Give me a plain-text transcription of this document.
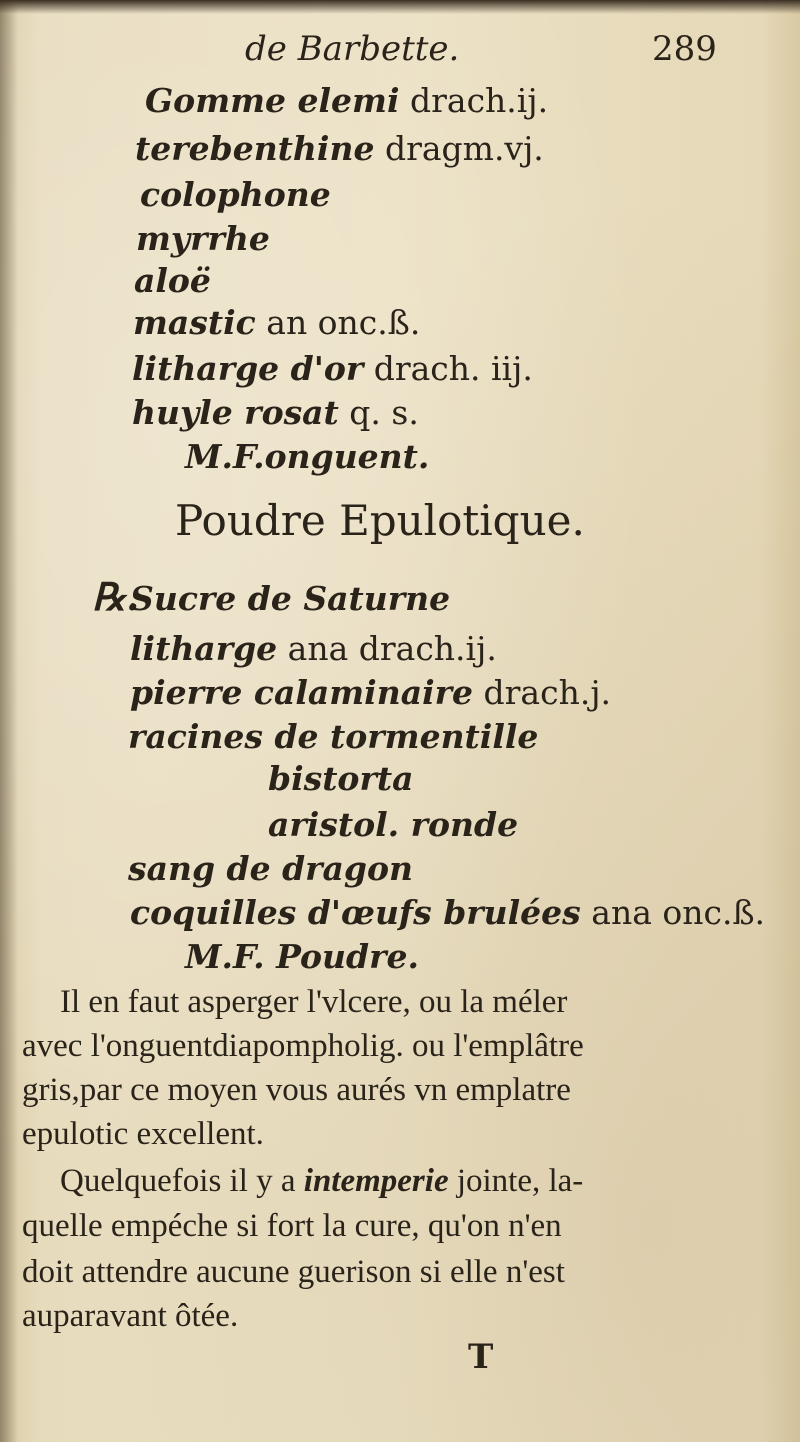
de Barbette.	289
Gomme elemi drach.ij.
terebenthine dragm.vj.
colophone
myrrhe
aloë
mastic an onc.ß.
litharge d'or drach. iij.
huyle rosat q. s.
M.F.onguent.
Poudre Epulotique.
℞.
Sucre de Saturne
litharge ana drach.ij.
pierre calaminaire drach.j.
racines de tormentille
bistorta
aristol. ronde
sang de dragon
coquilles d'œufs brulées ana onc.ß.
M.F. Poudre.
Il en faut asperger l'vlcere, ou la méler
avec l'onguentdiapompholig. ou l'emplâtre
gris,par ce moyen vous aurés vn emplatre
epulotic excellent.
Quelquefois il y a intemperie jointe, la-
quelle empéche si fort la cure, qu'on n'en
doit attendre aucune guerison si elle n'est
auparavant ôtée.
T
